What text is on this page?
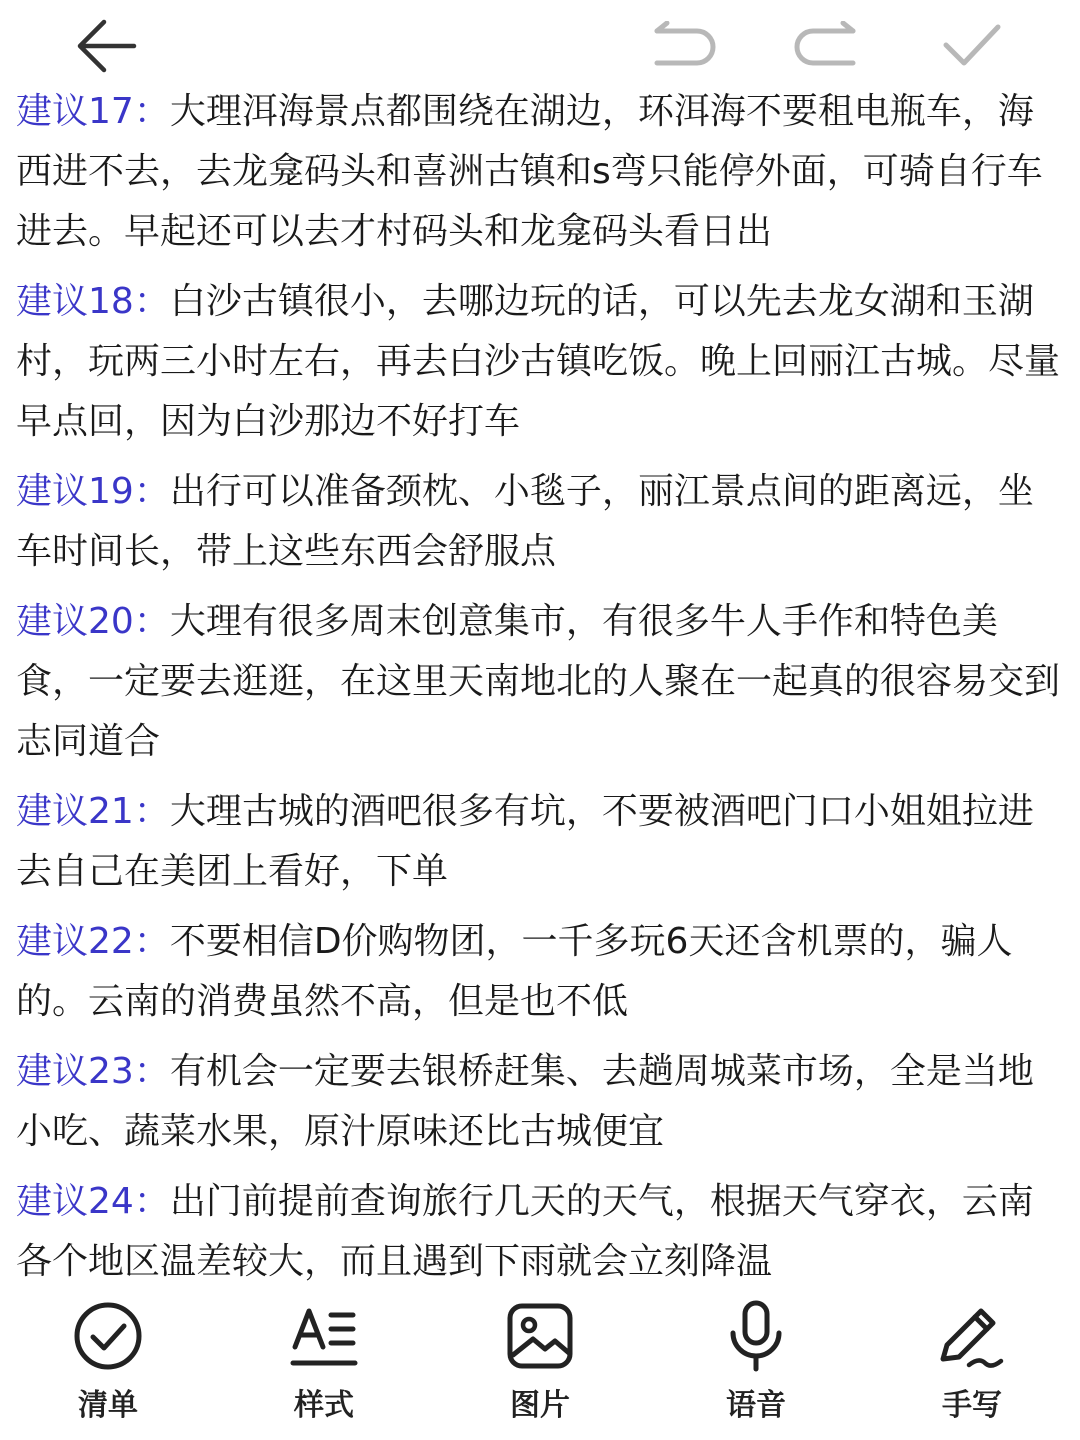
建议17：大理洱海景点都围绕在湖边，环洱海不要租电瓶车，海西进不去，去龙龛码头和喜洲古镇和s弯只能停外面，可骑自行车进去。早起还可以去才村码头和龙龛码头看日出

建议18：白沙古镇很小，去哪边玩的话，可以先去龙女湖和玉湖村，玩两三小时左右，再去白沙古镇吃饭。晚上回丽江古城。尽量早点回，因为白沙那边不好打车

建议19：出行可以准备颈枕、小毯子，丽江景点间的距离远，坐车时间长，带上这些东西会舒服点

建议20：大理有很多周末创意集市，有很多牛人手作和特色美食，一定要去逛逛，在这里天南地北的人聚在一起真的很容易交到志同道合

建议21：大理古城的酒吧很多有坑，不要被酒吧门口小姐姐拉进去自己在美团上看好，下单

建议22：不要相信D价购物团，一千多玩6天还含机票的，骗人的。云南的消费虽然不高，但是也不低

建议23：有机会一定要去银桥赶集、去趟周城菜市场，全是当地小吃、蔬菜水果，原汁原味还比古城便宜

建议24：出门前提前查询旅行几天的天气，根据天气穿衣，云南各个地区温差较大，而且遇到下雨就会立刻降温

清单	样式	图片	语音	手写
